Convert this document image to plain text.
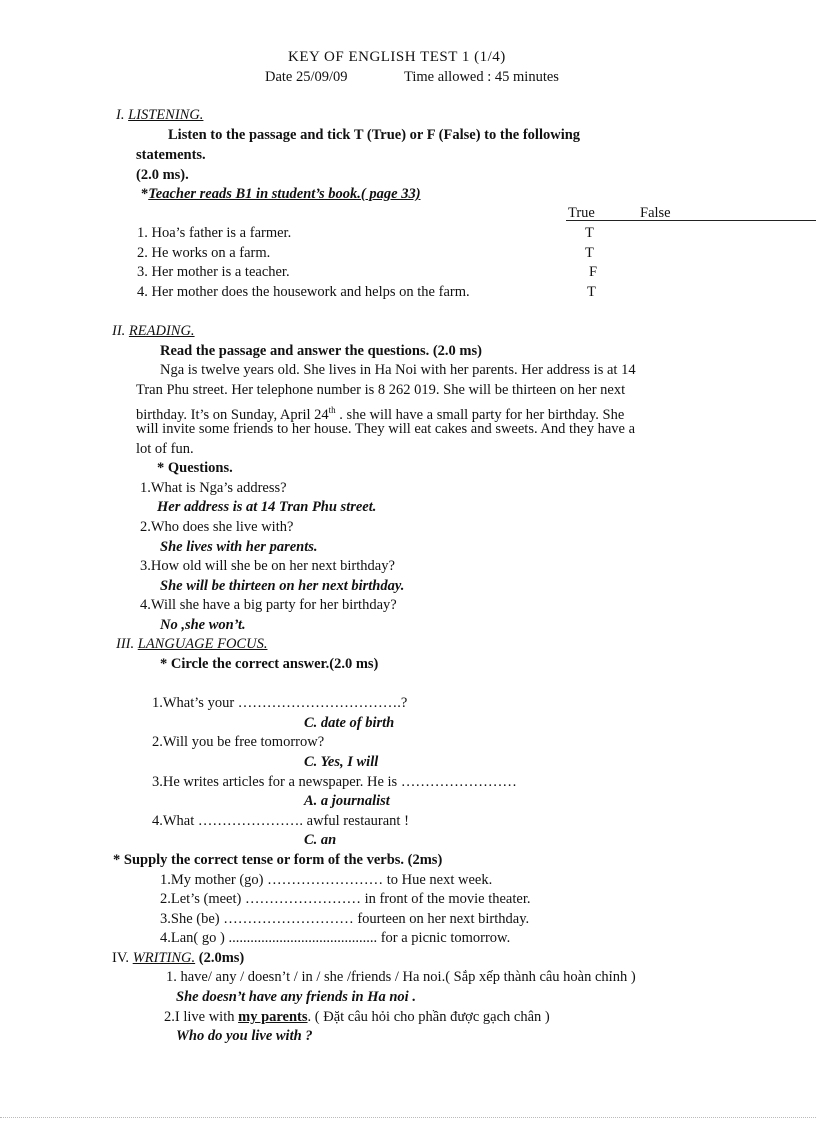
KEY OF ENGLISH TEST 1 (1/4)
Date 25/09/09	Time allowed : 45 minutes
I. LISTENING.
Listen to the passage and tick T (True) or F (False) to the following
statements.
(2.0 ms).
*Teacher reads B1 in student’s book.( page 33)
True	False
1. Hoa’s father is a farmer.	T
2. He works on a farm.	T
3. Her mother is a teacher.	F
4. Her mother does the housework and helps on the farm.	T
II. READING.
Read the passage and answer the questions. (2.0 ms)
Nga is twelve years old. She lives in Ha Noi with her parents. Her address is at 14
Tran Phu street. Her telephone number is 8 262 019. She will be thirteen on her next
birthday. It’s on Sunday, April 24th . she will have a small party for her birthday. She
will invite some friends to her house. They will eat cakes and sweets. And they have a
lot of fun.
* Questions.
1.What is Nga’s address?
Her address is at 14 Tran Phu street.
2.Who does she live with?
She lives with her parents.
3.How old will she be on her next birthday?
She will be thirteen on her next birthday.
4.Will she have a big party for her birthday?
No ,she won’t.
III. LANGUAGE FOCUS.
* Circle the correct answer.(2.0 ms)
1.What’s your …………………………….?
C. date of birth
2.Will you be free tomorrow?
C. Yes, I will
3.He writes articles for a newspaper. He is ……………………
A. a journalist
4.What …………………. awful restaurant !
C. an
* Supply the correct tense or form of the verbs. (2ms)
1.My mother (go) …………………… to Hue next week.
2.Let’s (meet) …………………… in front of the movie theater.
3.She (be) ……………………… fourteen on her next birthday.
4.Lan( go ) ......................................... for a picnic tomorrow.
IV. WRITING. (2.0ms)
1. have/ any / doesn’t / in / she /friends / Ha noi.( Sắp xếp thành câu hoàn chỉnh )
She doesn’t have any friends in Ha noi .
2.I live with my parents. ( Đặt câu hỏi cho phần được gạch chân )
Who do you live with ?
